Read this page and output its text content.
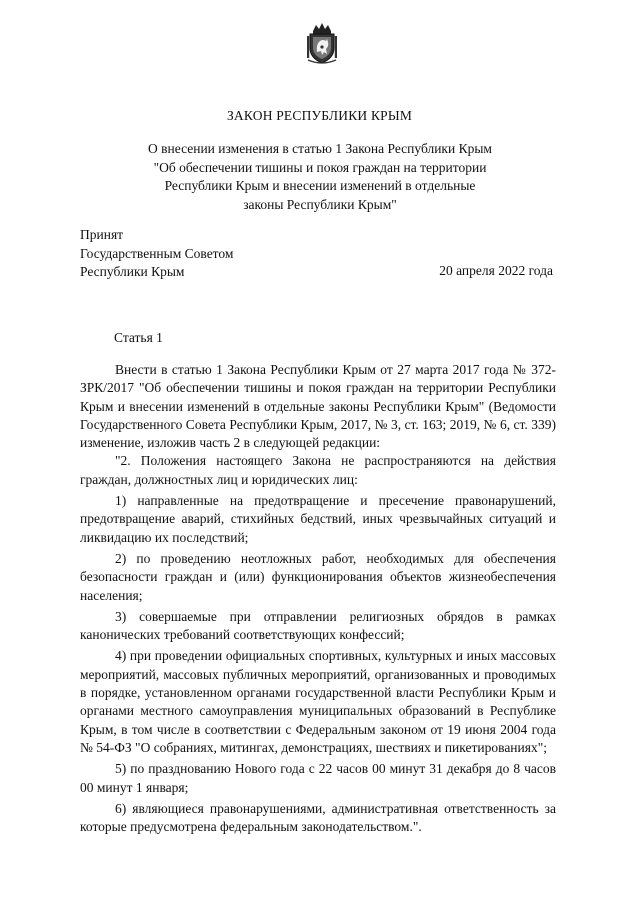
ЗАКОН РЕСПУБЛИКИ КРЫМ
О внесении изменения в статью 1 Закона Республики Крым
"Об обеспечении тишины и покоя граждан на территории
Республики Крым и внесении изменений в отдельные
законы Республики Крым"
Принят
Государственным Советом
Республики Крым	20 апреля 2022 года
Статья 1

Внести в статью 1 Закона Республики Крым от 27 марта 2017 года № 372-ЗРК/2017 "Об обеспечении тишины и покоя граждан на территории Республики Крым и внесении изменений в отдельные законы Республики Крым" (Ведомости Государственного Совета Республики Крым, 2017, № 3, ст. 163; 2019, № 6, ст. 339) изменение, изложив часть 2 в следующей редакции:

"2. Положения настоящего Закона не распространяются на действия граждан, должностных лиц и юридических лиц:

1) направленные на предотвращение и пресечение правонарушений, предотвращение аварий, стихийных бедствий, иных чрезвычайных ситуаций и ликвидацию их последствий;

2) по проведению неотложных работ, необходимых для обеспечения безопасности граждан и (или) функционирования объектов жизнеобеспечения населения;

3) совершаемые при отправлении религиозных обрядов в рамках канонических требований соответствующих конфессий;

4) при проведении официальных спортивных, культурных и иных массовых мероприятий, массовых публичных мероприятий, организованных и проводимых в порядке, установленном органами государственной власти Республики Крым и органами местного самоуправления муниципальных образований в Республике Крым, в том числе в соответствии с Федеральным законом от 19 июня 2004 года № 54-ФЗ "О собраниях, митингах, демонстрациях, шествиях и пикетированиях";

5) по празднованию Нового года с 22 часов 00 минут 31 декабря до 8 часов 00 минут 1 января;

6) являющиеся правонарушениями, административная ответственность за которые предусмотрена федеральным законодательством.".
